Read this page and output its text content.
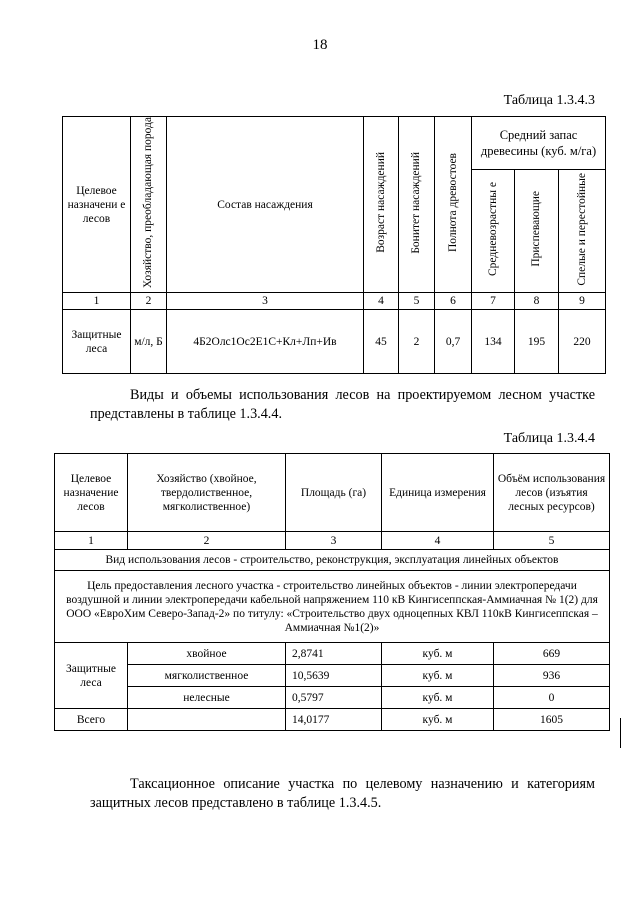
18
Таблица 1.3.4.3
Целевое назначени е лесов	Хозяйство, преобладающая порода	Состав насаждения	Возраст насаждений	Бонитет насаждений	Полнота древостоев	Средний запас древесины (куб. м/га)		
						Средневозрастны е	Приспевающие	Спелые и перестойные
1	2	3	4	5	6	7	8	9
Защитные леса	м/л, Б	4Б2Олс1Ос2Е1С+Кл+Лп+Ив	45	2	0,7	134	195	220
Виды и объемы использования лесов на проектируемом лесном участке представлены в таблице 1.3.4.4.
Таблица 1.3.4.4
Целевое назначение лесов	Хозяйство (хвойное, твердолиственное, мягколиственное)	Площадь (га)	Единица измерения	Объём использования лесов (изъятия лесных ресурсов)
1	2	3	4	5
Вид использования лесов - строительство, реконструкция, эксплуатация линейных объектов				
Цель предоставления лесного участка - строительство линейных объектов - линии электропередачи воздушной и линии электропередачи кабельной напряжением 110 кВ Кингисеппская-Аммиачная № 1(2) для ООО «ЕвроХим Северо-Запад-2» по титулу: «Строительство двух одноцепных КВЛ 110кВ Кингисеппская – Аммиачная №1(2)»				
Защитные леса	хвойное	2,8741	куб. м	669
	мягколиственное	10,5639	куб. м	936
	нелесные	0,5797	куб. м	0
Всего		14,0177	куб. м	1605
Таксационное описание участка по целевому назначению и категориям защитных лесов представлено в таблице 1.3.4.5.
